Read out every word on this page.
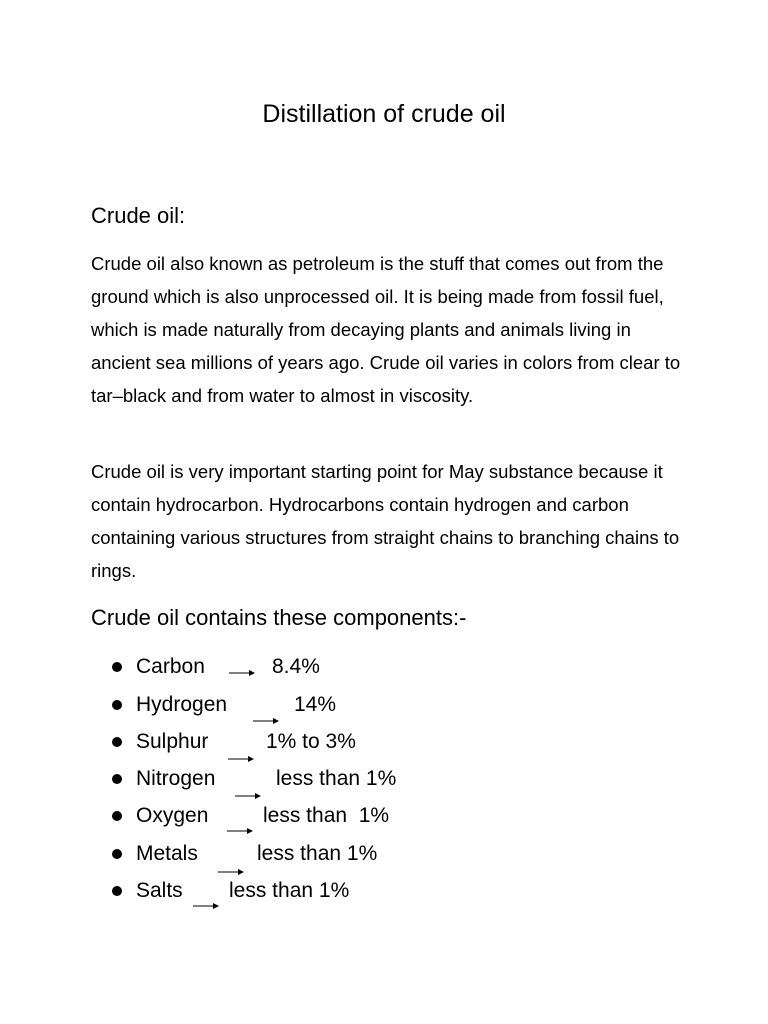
Distillation of crude oil
Crude oil:

Crude oil also known as petroleum is the stuff that comes out from the ground which is also unprocessed oil. It is being made from fossil fuel, which is made naturally from decaying plants and animals living in ancient sea millions of years ago. Crude oil varies in colors from clear to tar–black and from water to almost in viscosity.

Crude oil is very important starting point for May substance because it contain hydrocarbon. Hydrocarbons contain hydrogen and carbon containing various structures from straight chains to branching chains to rings.

Crude oil contains these components:-
Carbon	8.4%
Hydrogen	14%
Sulphur	1% to 3%
Nitrogen	less than 1%
Oxygen	less than  1%
Metals	less than 1%
Salts less than 1%
